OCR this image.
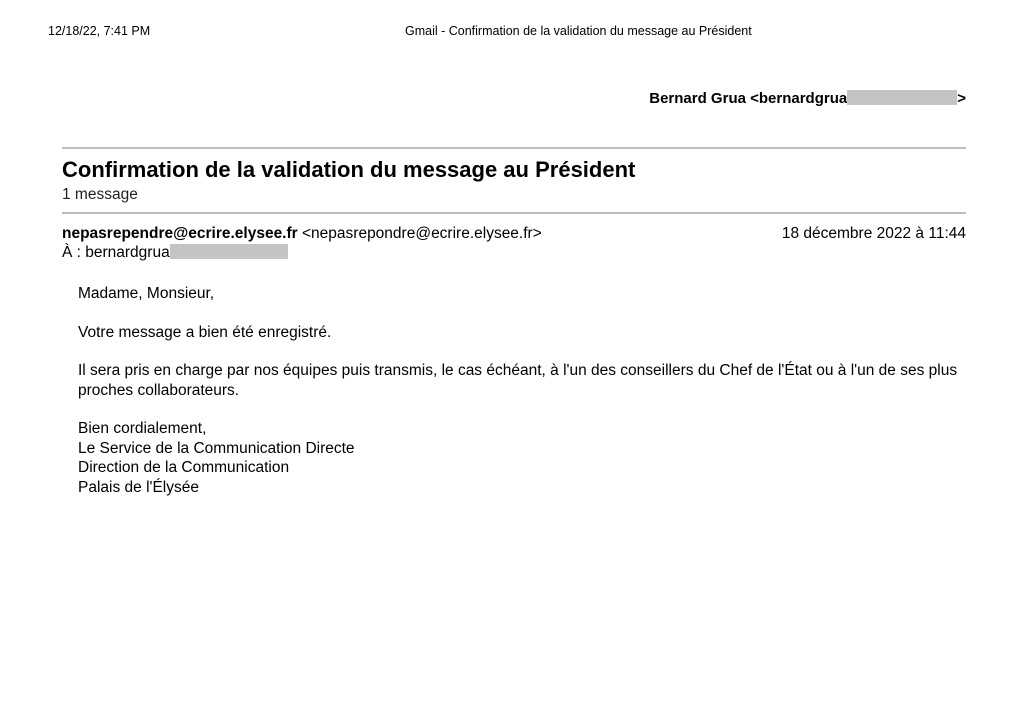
12/18/22, 7:41 PM	Gmail - Confirmation de la validation du message au Président
Bernard Grua <bernardgrua	>
Confirmation de la validation du message au Président
1 message
nepasrependre@ecrire.elysee.fr <nepasrepondre@ecrire.elysee.fr>	18 décembre 2022 à 11:44
À : bernardgrua

Madame, Monsieur,

Votre message a bien été enregistré.

Il sera pris en charge par nos équipes puis transmis, le cas échéant, à l'un des conseillers du Chef de l'État ou à l'un de ses plus proches collaborateurs.

Bien cordialement,
Le Service de la Communication Directe
Direction de la Communication
Palais de l'Élysée
